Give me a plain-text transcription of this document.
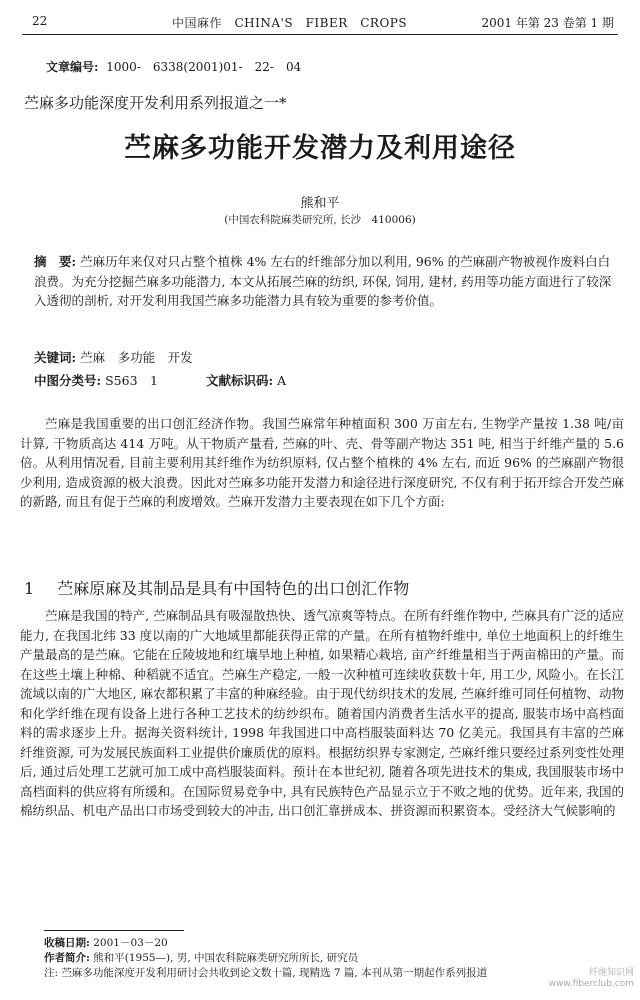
22	中国麻作　CHINA'S　FIBER　CROPS	2001 年第 23 卷第 1 期
文章编号: 1000-　6338(2001)01-　22-　04
苎麻多功能深度开发利用系列报道之一*
苎麻多功能开发潜力及利用途径
熊和平
(中国农科院麻类研究所, 长沙　410006)
摘　要: 苎麻历年来仅对只占整个植株 4% 左右的纤维部分加以利用, 96% 的苎麻副产物被视作废料白白浪费。为充分挖掘苎麻多功能潜力, 本文从拓展苎麻的纺织, 环保, 饲用, 建材, 药用等功能方面进行了较深入透彻的剖析, 对开发利用我国苎麻多功能潜力具有较为重要的参考价值。
关键词: 苎麻　多功能　开发
中图分类号: S563　1	文献标识码: A

苎麻是我国重要的出口创汇经济作物。我国苎麻常年种植面积 300 万亩左右, 生物学产量按 1.38 吨/亩计算, 干物质高达 414 万吨。从干物质产量看, 苎麻的叶、壳、骨等副产物达 351 吨, 相当于纤维产量的 5.6 倍。从利用情况看, 目前主要利用其纤维作为纺织原料, 仅占整个植株的 4% 左右, 而近 96% 的苎麻副产物很少利用, 造成资源的极大浪费。因此对苎麻多功能开发潜力和途径进行深度研究, 不仅有利于拓开综合开发苎麻的新路, 而且有促于苎麻的利废增效。苎麻开发潜力主要表现在如下几个方面:

1 苎麻原麻及其制品是具有中国特色的出口创汇作物

苎麻是我国的特产, 苎麻制品具有吸湿散热快、透气凉爽等特点。在所有纤维作物中, 苎麻具有广泛的适应能力, 在我国北纬 33 度以南的广大地域里都能获得正常的产量。在所有植物纤维中, 单位土地面积上的纤维生产量最高的是苎麻。它能在丘陵坡地和红壤旱地上种植, 如果精心栽培, 亩产纤维量相当于两亩棉田的产量。而在这些土壤上种棉、种稻就不适宜。苎麻生产稳定, 一般一次种植可连续收获数十年, 用工少, 风险小。在长江流域以南的广大地区, 麻农都积累了丰富的种麻经验。由于现代纺织技术的发展, 苎麻纤维可同任何植物、动物和化学纤维在现有设备上进行各种工艺技术的纺纱织布。随着国内消费者生活水平的提高, 服装市场中高档面料的需求逐步上升。据海关资料统计, 1998 年我国进口中高档服装面料达 70 亿美元。我国具有丰富的苎麻纤维资源, 可为发展民族面料工业提供价廉质优的原料。根据纺织界专家测定, 苎麻纤维只要经过系列变性处理后, 通过后处理工艺就可加工成中高档服装面料。预计在本世纪初, 随着各项先进技术的集成, 我国服装市场中高档面料的供应将有所缓和。在国际贸易竞争中, 具有民族特色产品显示立于不败之地的优势。近年来, 我国的棉纺织品、机电产品出口市场受到较大的冲击, 出口创汇靠拼成本、拼资源而积累资本。受经济大气候影响的

收稿日期: 2001－03－20
作者简介: 熊和平(1955—), 男, 中国农科院麻类研究所所长, 研究员
注: 苎麻多功能深度开发利用研讨会共收到论文数十篇, 现精选 7 篇, 本刊从第一期起作系列报道	纤维知识网
www.fiberclub.com
